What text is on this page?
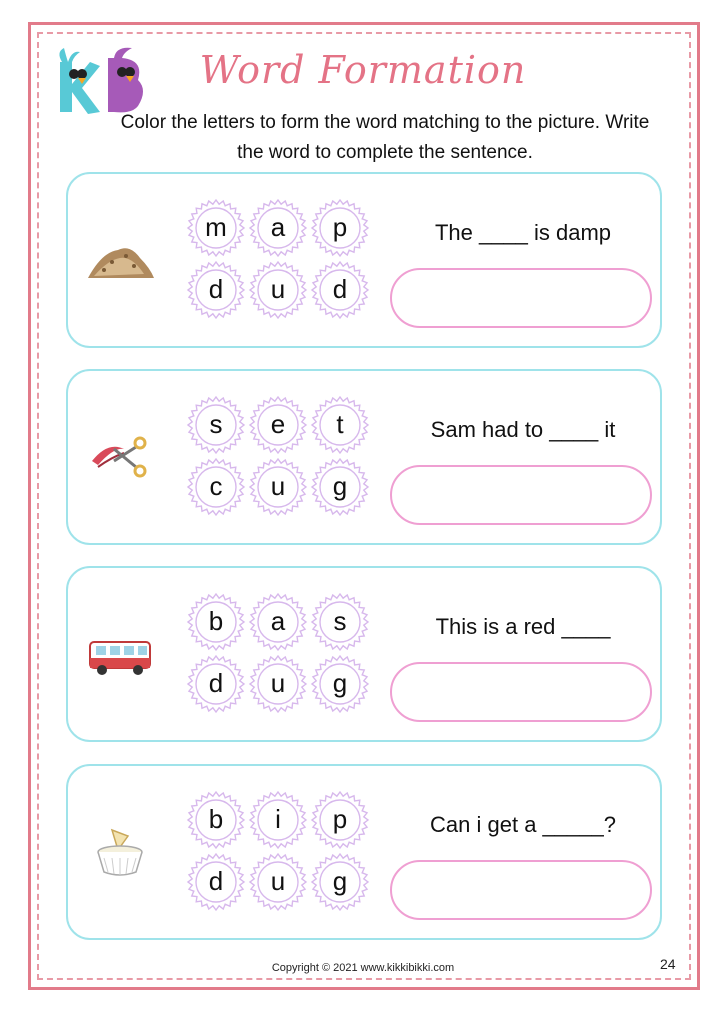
KB
Word Formation
Color the letters to form the word matching to the picture. Write the word to complete the sentence.
m	a	p
d	u	d
The ____ is damp
s	e	t
c	u	g
Sam had to ____ it
b	a	s
d	u	g
This is a red ____
b	i	p
d	u	g
Can i get a _____?
Copyright © 2021 www.kikkibikki.com	24
